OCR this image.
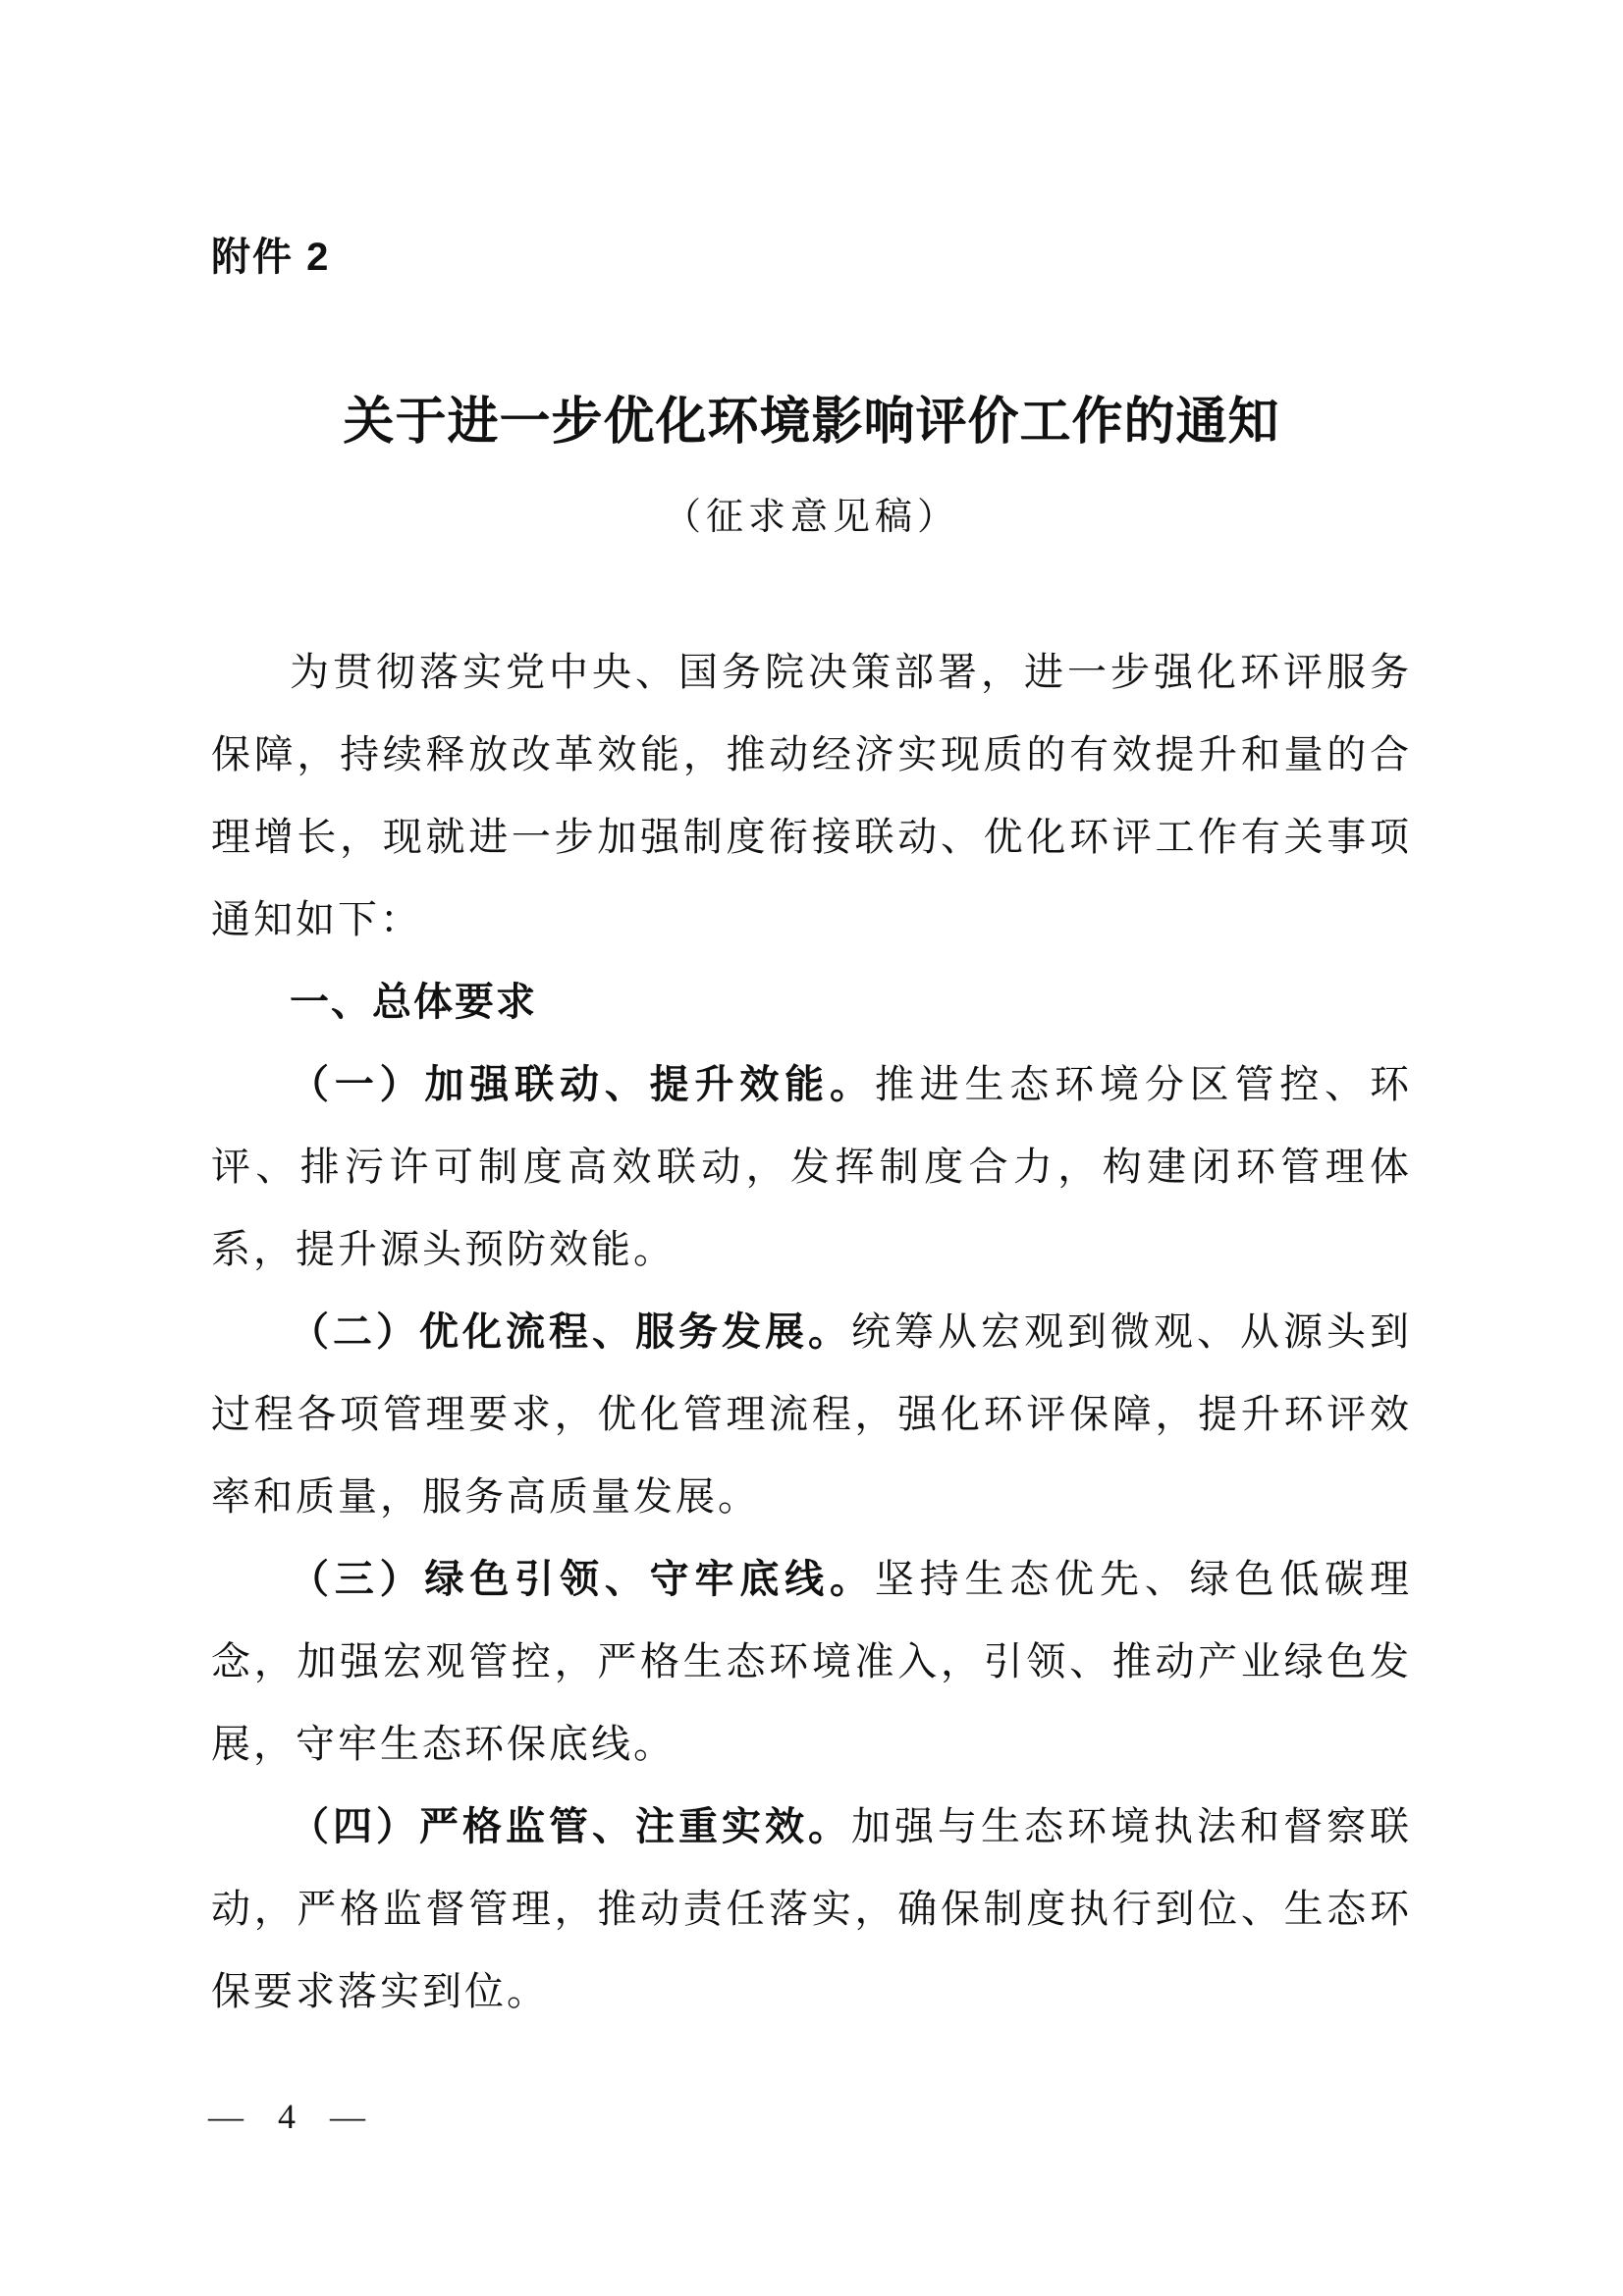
附件 2
关于进一步优化环境影响评价工作的通知
（征求意见稿）

为贯彻落实党中央、国务院决策部署，进一步强化环评服务保障，持续释放改革效能，推动经济实现质的有效提升和量的合理增长，现就进一步加强制度衔接联动、优化环评工作有关事项通知如下：

一、总体要求

（一）加强联动、提升效能。推进生态环境分区管控、环评、排污许可制度高效联动，发挥制度合力，构建闭环管理体系，提升源头预防效能。

（二）优化流程、服务发展。统筹从宏观到微观、从源头到过程各项管理要求，优化管理流程，强化环评保障，提升环评效率和质量，服务高质量发展。

（三）绿色引领、守牢底线。坚持生态优先、绿色低碳理念，加强宏观管控，严格生态环境准入，引领、推动产业绿色发展，守牢生态环保底线。

（四）严格监管、注重实效。加强与生态环境执法和督察联动，严格监督管理，推动责任落实，确保制度执行到位、生态环保要求落实到位。

— 4 —
